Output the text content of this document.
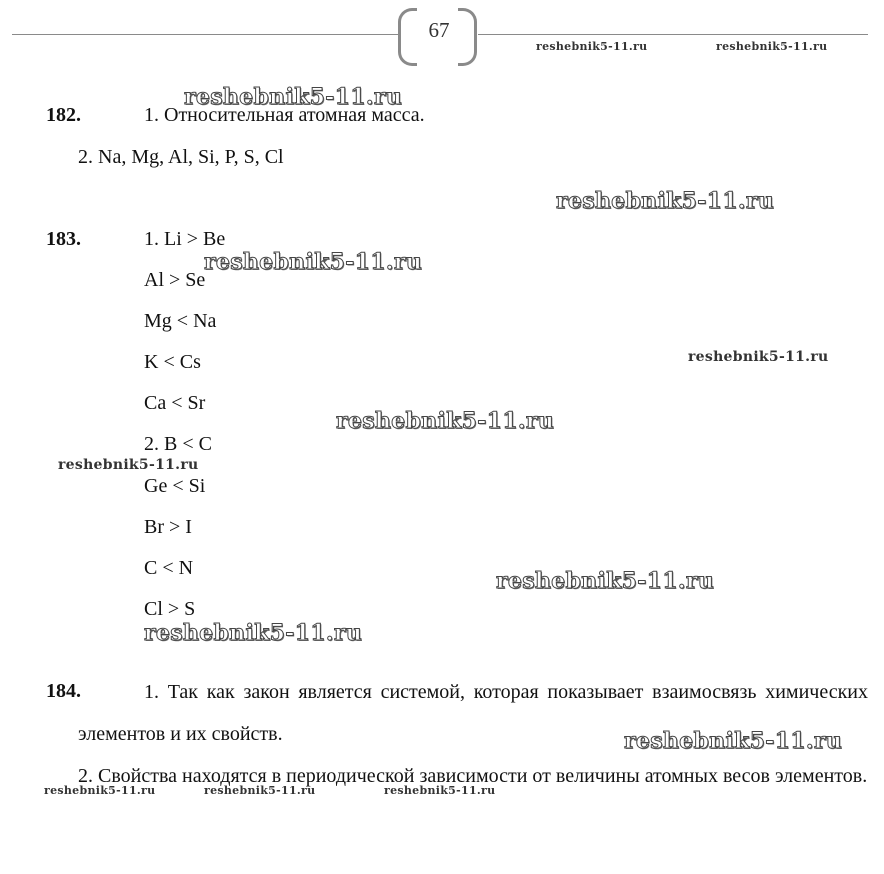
67
reshebnik5-11.ru	reshebnik5-11.ru
reshebnik5-11.ru
182.	1. Относительная атомная масса.
2. Na, Mg, Al, Si, P, S, Cl
reshebnik5-11.ru
183.	1. Li > Be
reshebnik5-11.ru
Al > Se
Mg < Na
K < Cs	reshebnik5-11.ru
Ca < Sr
reshebnik5-11.ru
2. B < C
reshebnik5-11.ru
Ge < Si
Br > I
C < N	reshebnik5-11.ru
Cl > S
reshebnik5-11.ru
184.	1. Так как закон является системой, которая показывает взаимосвязь химических элементов и их свойств.	reshebnik5-11.ru
2. Свойства находятся в периодической зависимости от величины атомных весов элементов.
reshebnik5-11.ru	reshebnik5-11.ru	reshebnik5-11.ru
